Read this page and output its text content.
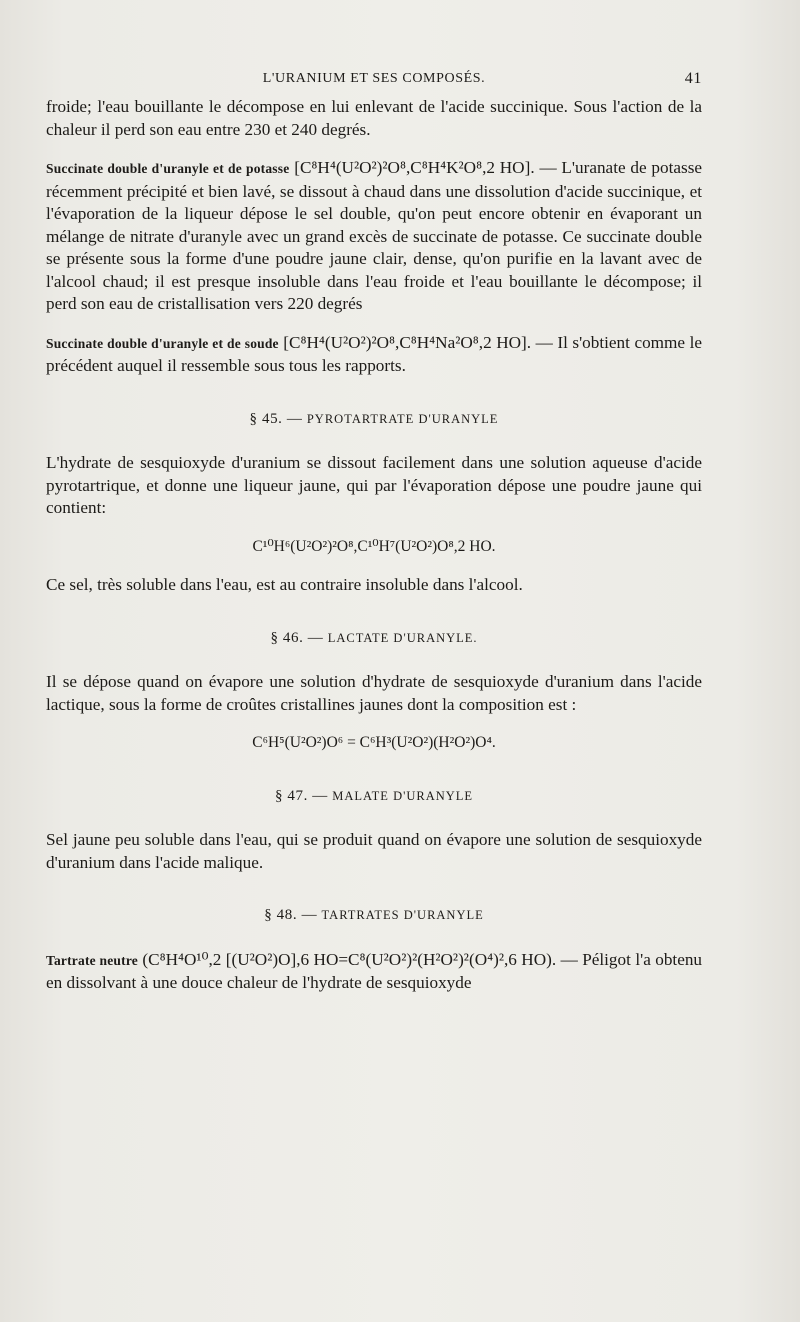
L'URANIUM ET SES COMPOSÉS.	41

froide; l'eau bouillante le décompose en lui enlevant de l'acide succinique. Sous l'action de la chaleur il perd son eau entre 230 et 240 degrés.

Succinate double d'uranyle et de potasse [C⁸H⁴(U²O²)²O⁸,C⁸H⁴K²O⁸,2 HO]. — L'uranate de potasse récemment précipité et bien lavé, se dissout à chaud dans une dissolution d'acide succinique, et l'évaporation de la liqueur dépose le sel double, qu'on peut encore obtenir en évaporant un mélange de nitrate d'uranyle avec un grand excès de succinate de potasse. Ce succinate double se présente sous la forme d'une poudre jaune clair, dense, qu'on purifie en la lavant avec de l'alcool chaud; il est presque insoluble dans l'eau froide et l'eau bouillante le décompose; il perd son eau de cristallisation vers 220 degrés

Succinate double d'uranyle et de soude [C⁸H⁴(U²O²)²O⁸,C⁸H⁴Na²O⁸,2 HO]. — Il s'obtient comme le précédent auquel il ressemble sous tous les rapports.

§ 45. — PYROTARTRATE D'URANYLE

L'hydrate de sesquioxyde d'uranium se dissout facilement dans une solution aqueuse d'acide pyrotartrique, et donne une liqueur jaune, qui par l'évaporation dépose une poudre jaune qui contient:

C¹⁰H⁶(U²O²)²O⁸,C¹⁰H⁷(U²O²)O⁸,2 HO.

Ce sel, très soluble dans l'eau, est au contraire insoluble dans l'alcool.

§ 46. — LACTATE D'URANYLE.

Il se dépose quand on évapore une solution d'hydrate de sesquioxyde d'uranium dans l'acide lactique, sous la forme de croûtes cristallines jaunes dont la composition est :

C⁶H⁵(U²O²)O⁶ = C⁶H³(U²O²)(H²O²)O⁴.
§ 47. — MALATE D'URANYLE

Sel jaune peu soluble dans l'eau, qui se produit quand on évapore une solution de sesquioxyde d'uranium dans l'acide malique.

§ 48. — TARTRATES D'URANYLE

Tartrate neutre (C⁸H⁴O¹⁰,2 [(U²O²)O],6 HO=C⁸(U²O²)²(H²O²)²(O⁴)²,6 HO). — Péligot l'a obtenu en dissolvant à une douce chaleur de l'hydrate de sesquioxyde
